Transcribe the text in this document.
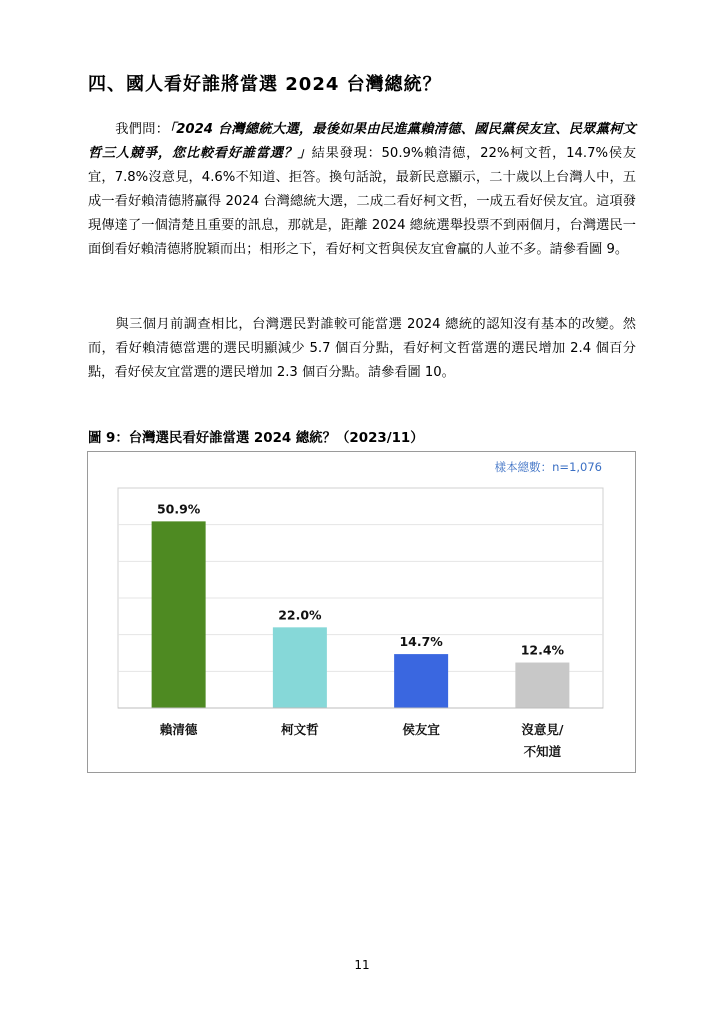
四、國人看好誰將當選 2024 台灣總統？
我們問：「2024 台灣總統大選，最後如果由民進黨賴清德、國民黨侯友宜、民眾黨柯文哲三人競爭，您比較看好誰當選？」結果發現：50.9%賴清德，22%柯文哲，14.7%侯友宜，7.8%沒意見，4.6%不知道、拒答。換句話說，最新民意顯示，二十歲以上台灣人中，五成一看好賴清德將贏得 2024 台灣總統大選，二成二看好柯文哲，一成五看好侯友宜。這項發現傳達了一個清楚且重要的訊息，那就是，距離 2024 總統選舉投票不到兩個月，台灣選民一面倒看好賴清德將脫穎而出；相形之下，看好柯文哲與侯友宜會贏的人並不多。請參看圖 9。
與三個月前調查相比，台灣選民對誰較可能當選 2024 總統的認知沒有基本的改變。然而，看好賴清德當選的選民明顯減少 5.7 個百分點，看好柯文哲當選的選民增加 2.4 個百分點，看好侯友宜當選的選民增加 2.3 個百分點。請參看圖 10。
圖 9：台灣選民看好誰當選 2024 總統？（2023/11）
樣本總數：n=1,076
50.9%
賴清德
22.0%
柯文哲
14.7%
侯友宜
12.4%
沒意見/
不知道
11
